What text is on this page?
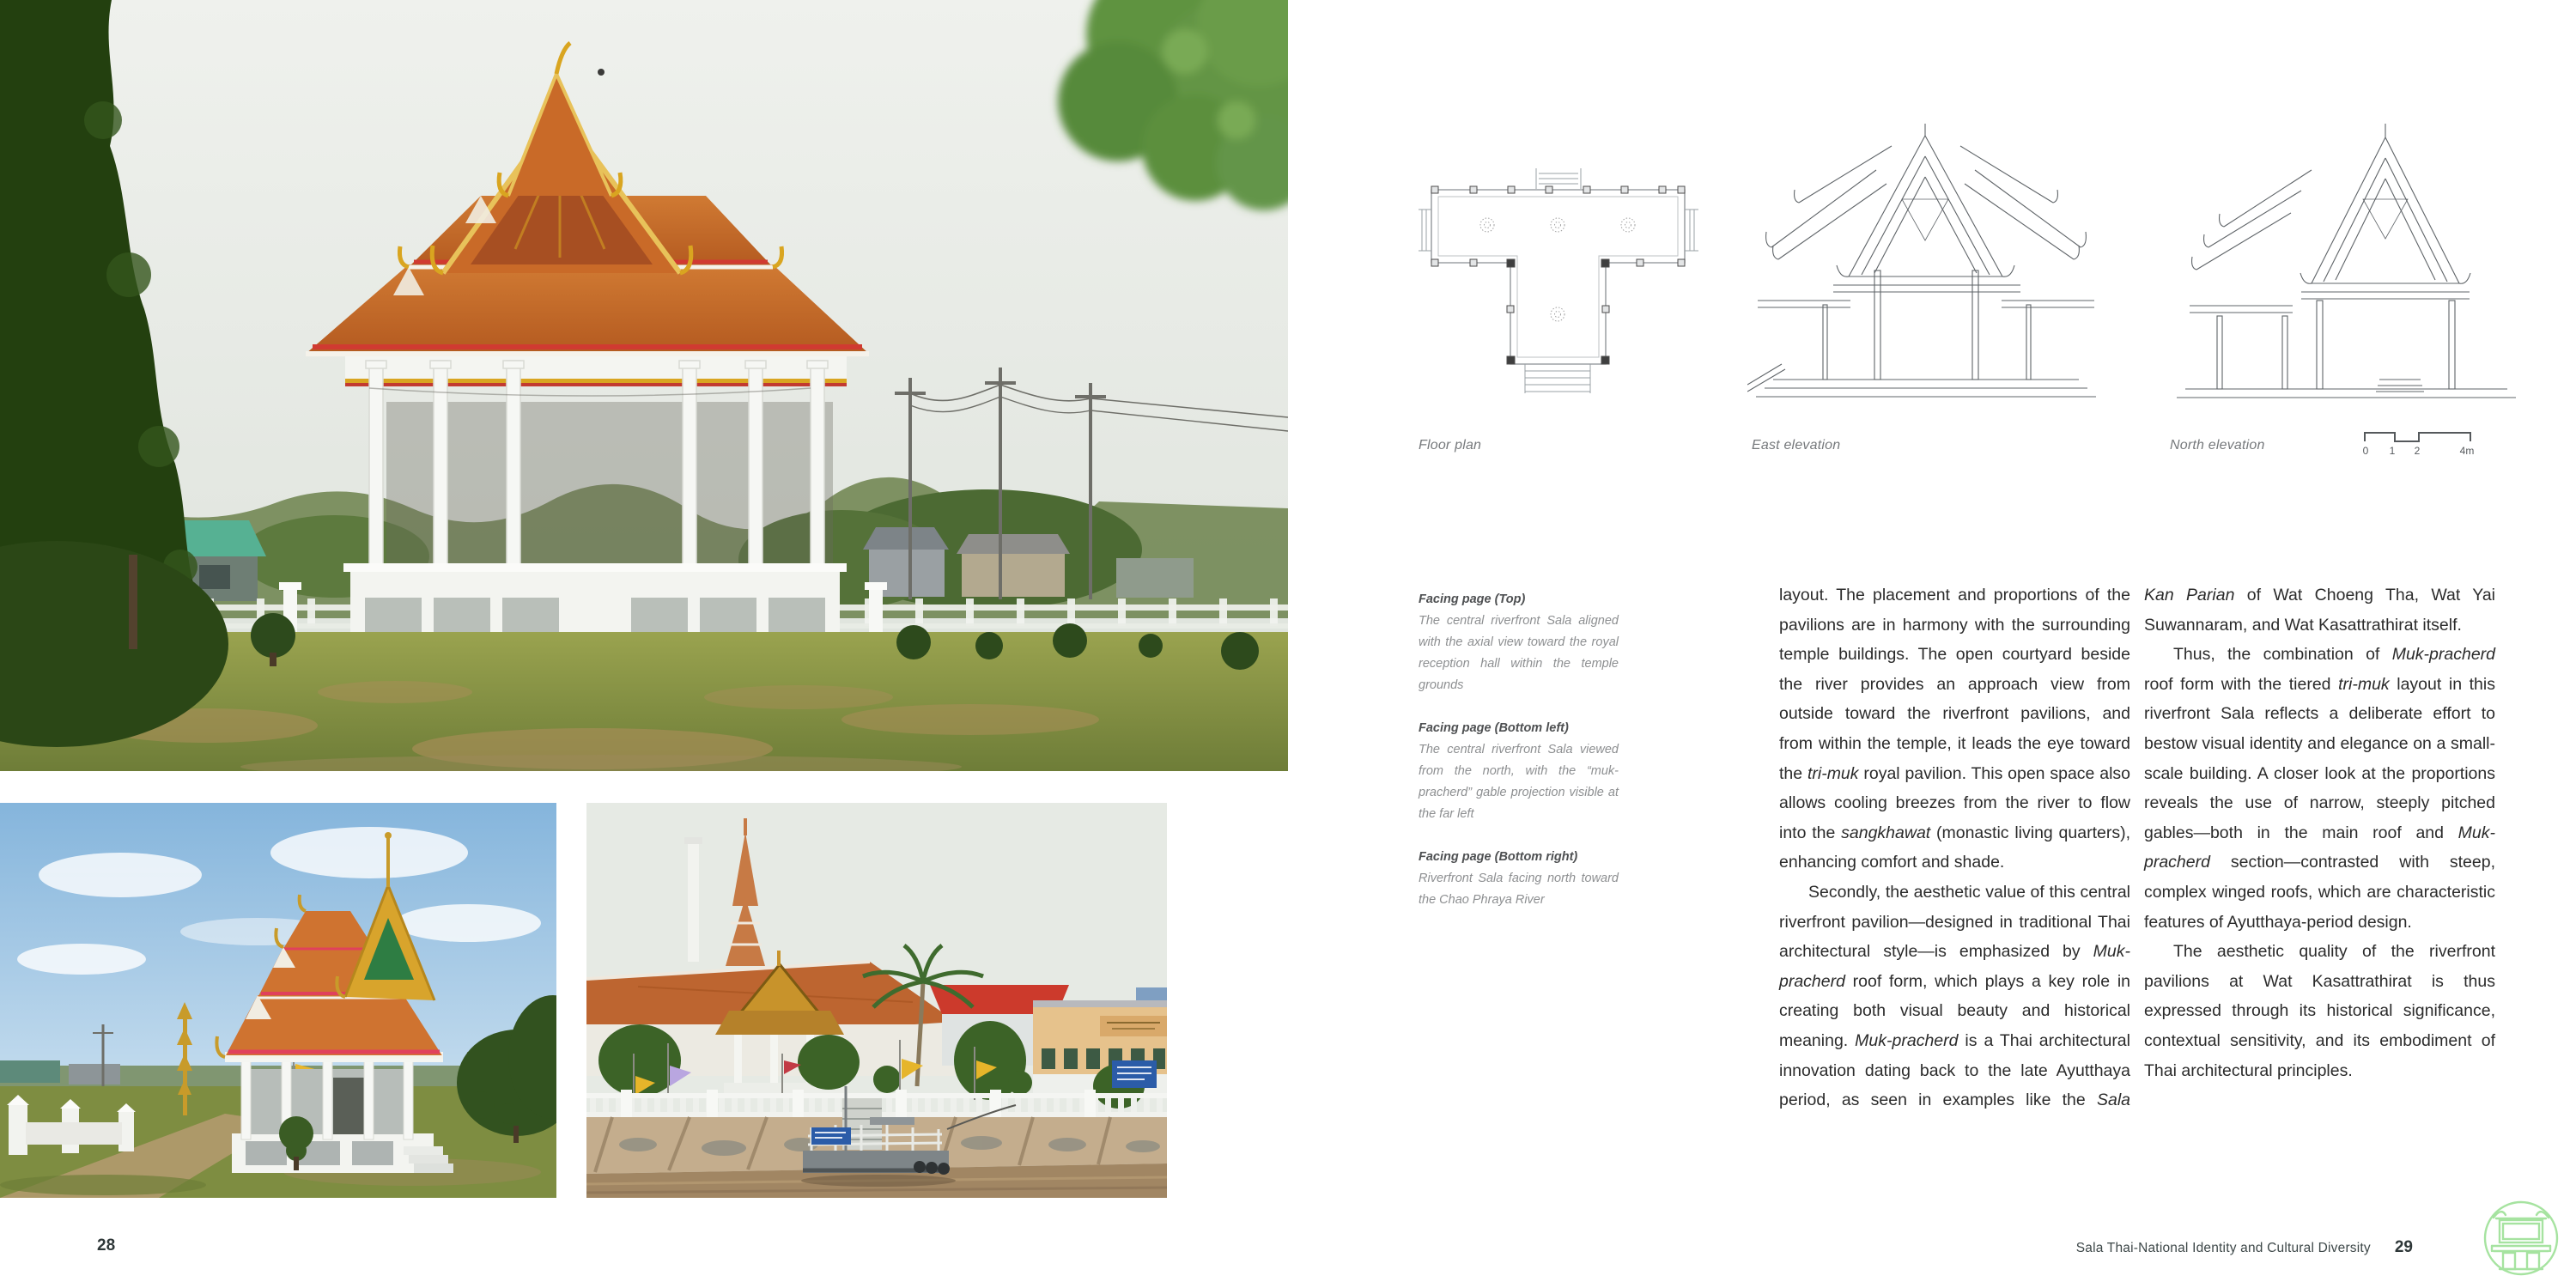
28
Floor plan	East elevation	North elevation	0 1 2	4m
Facing page (Top)

The central riverfront Sala aligned with the axial view toward the royal reception hall within the temple grounds

Facing page (Bottom left)

The central riverfront Sala viewed from the north, with the “muk-pracherd” gable projection visible at the far left

Facing page (Bottom right)

Riverfront Sala facing north toward the Chao Phraya River

layout. The placement and proportions of the pavilions are in harmony with the surrounding temple buildings. The open courtyard beside the river provides an approach view from outside toward the riverfront pavilions, and from within the temple, it leads the eye toward the tri-muk royal pavilion. This open space also allows cooling breezes from the river to flow into the sangkhawat (monastic living quarters), enhancing comfort and shade.

Secondly, the aesthetic value of this central riverfront pavilion—designed in traditional Thai architectural style—is emphasized by Muk-pracherd roof form, which plays a key role in creating both visual beauty and historical meaning. Muk-pracherd is a Thai architectural innovation dating back to the late Ayutthaya period, as seen in examples like the Sala

Kan Parian of Wat Choeng Tha, Wat Yai Suwannaram, and Wat Kasattrathirat itself.

Thus, the combination of Muk-pracherd roof form with the tiered tri-muk layout in this riverfront Sala reflects a deliberate effort to bestow visual identity and elegance on a small-scale building. A closer look at the proportions reveals the use of narrow, steeply pitched gables—both in the main roof and Muk-pracherd section—contrasted with steep, complex winged roofs, which are characteristic features of Ayutthaya-period design.

The aesthetic quality of the riverfront pavilions at Wat Kasattrathirat is thus expressed through its historical significance, contextual sensitivity, and its embodiment of Thai architectural principles.

Sala Thai-National Identity and Cultural Diversity 29
